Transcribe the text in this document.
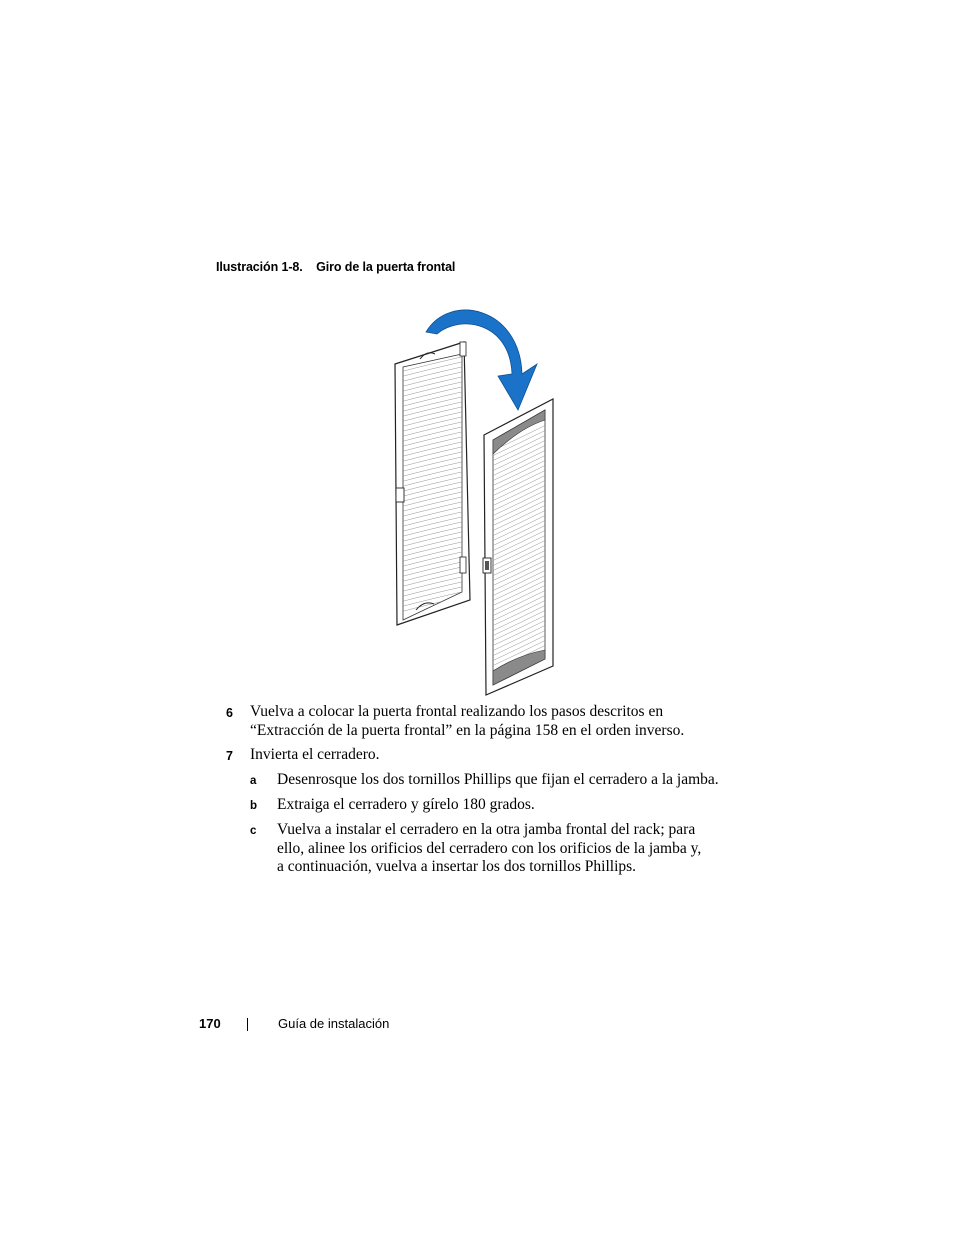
Ilustración 1-8.    Giro de la puerta frontal
6 Vuelva a colocar la puerta frontal realizando los pasos descritos en
“Extracción de la puerta frontal” en la página 158 en el orden inverso.
7 Invierta el cerradero.
a Desenrosque los dos tornillos Phillips que fijan el cerradero a la jamba.
b Extraiga el cerradero y gírelo 180 grados.
c Vuelva a instalar el cerradero en la otra jamba frontal del rack; para
ello, alinee los orificios del cerradero con los orificios de la jamba y,
a continuación, vuelva a insertar los dos tornillos Phillips.
170	Guía de instalación
